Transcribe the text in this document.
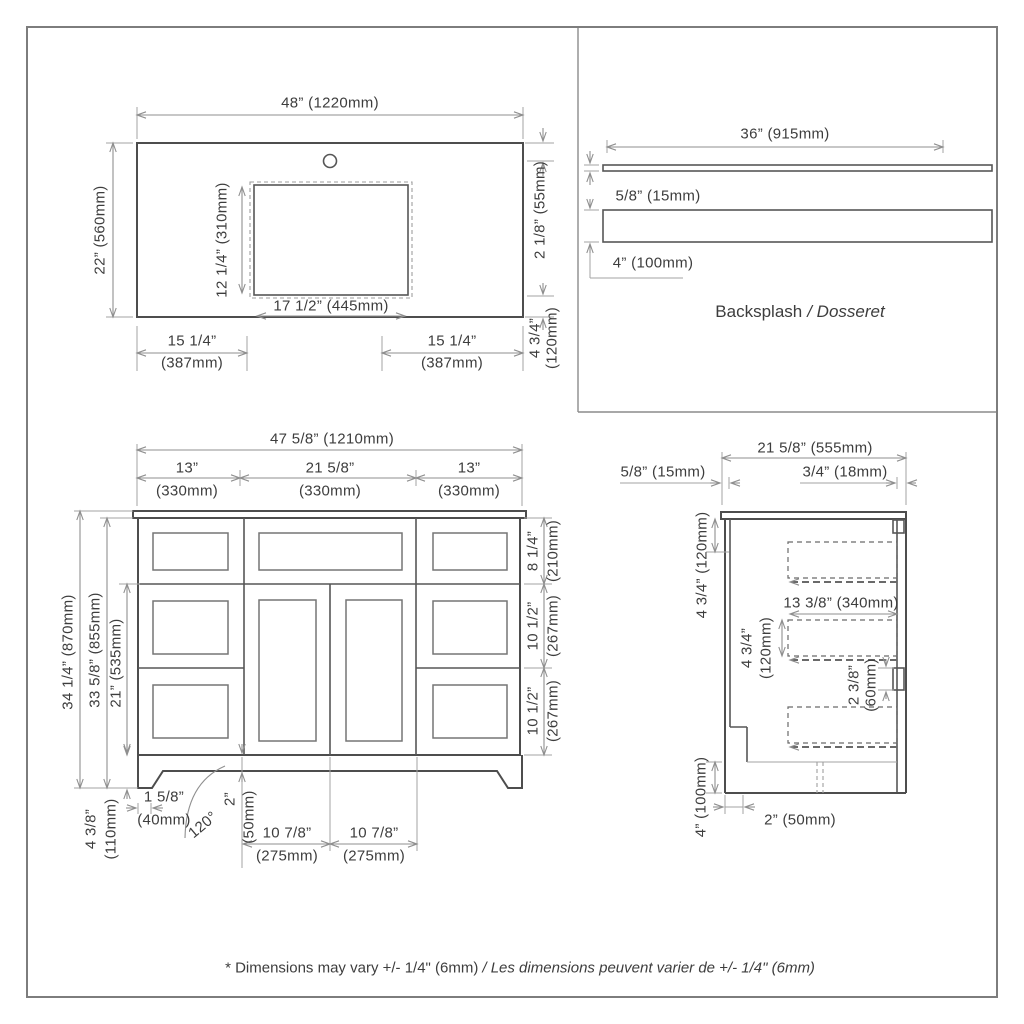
48” (1220mm)
22” (560mm)	12 1/4” (310mm)
17 1/2” (445mm)
15 1/4”
(387mm)
15 1/4”
(387mm)
2 1/8” (55mm)
4 3/4” (120mm)
36” (915mm)
5/8” (15mm)
4” (100mm)
Backsplash / Dosseret
47 5/8” (1210mm)
13”
(330mm)
21 5/8”
(330mm)
13”
(330mm)
34 1/4” (870mm) 33 5/8” (855mm) 21” (535mm)
8 1/4” (210mm)
10 1/2” (267mm)
10 1/2” (267mm)
4 3/8” (110mm)
1 5/8”
(40mm)
120°
2” (50mm) 10 7/8”
(275mm)
10 7/8”
(275mm)
21 5/8” (555mm)
5/8” (15mm)	3/4” (18mm)
4 3/4” (120mm)	13 3/8” (340mm)
4 3/4” (120mm)
2 3/8” (60mm)
4” (100mm)	2” (50mm)
* Dimensions may vary +/- 1/4" (6mm) / Les dimensions peuvent varier de +/- 1/4" (6mm)
